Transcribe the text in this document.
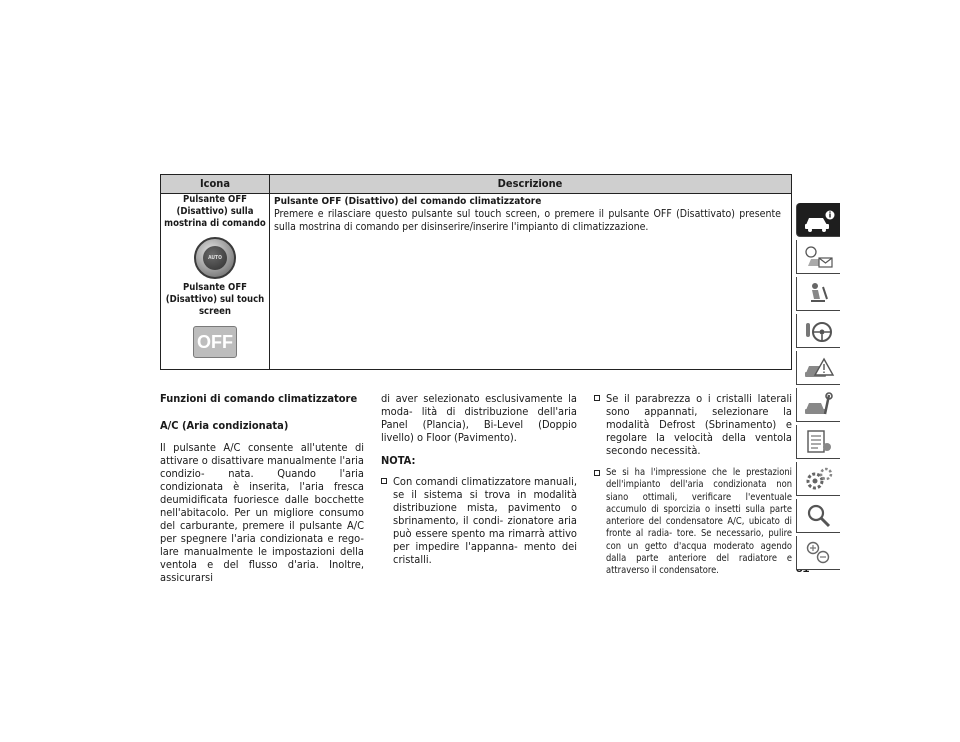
Icona	Descrizione
Pulsante OFF (Disattivo) sulla mostrina di comando
AUTO
Pulsante OFF (Disattivo) sul touch screen
OFF
Pulsante OFF (Disattivo) del comando climatizzatore

Premere e rilasciare questo pulsante sul touch screen, o premere il pulsante OFF (Disattivato) presente sulla mostrina di comando per disinserire/inserire l'impianto di climatizzazione.

Funzioni di comando climatizzatore
A/C (Aria condizionata)

Il pulsante A/C consente all'utente di attivare o disattivare manualmente l'aria condizio- nata. Quando l'aria condizionata è inserita, l'aria fresca deumidificata fuoriesce dalle bocchette nell'abitacolo. Per un migliore consumo del carburante, premere il pulsante A/C per spegnere l'aria condizionata e rego- lare manualmente le impostazioni della ventola e del flusso d'aria. Inoltre, assicurarsi

di aver selezionato esclusivamente la moda- lità di distribuzione dell'aria Panel (Plancia), Bi-Level (Doppio livello) o Floor (Pavimento).

NOTA:
Con comandi climatizzatore manuali, se il sistema si trova in modalità distribuzione mista, pavimento o sbrinamento, il condi- zionatore aria può essere spento ma rimarrà attivo per impedire l'appanna- mento dei cristalli.
Se il parabrezza o i cristalli laterali sono appannati, selezionare la modalità Defrost (Sbrinamento) e regolare la velocità della ventola secondo necessità.
Se si ha l'impressione che le prestazioni dell'impianto dell'aria condizionata non siano ottimali, verificare l'eventuale accumulo di sporcizia o insetti sulla parte anteriore del condensatore A/C, ubicato di fronte al radia- tore. Se necessario, pulire con un getto d'acqua moderato agendo dalla parte anteriore del radiatore e attraverso il condensatore.
